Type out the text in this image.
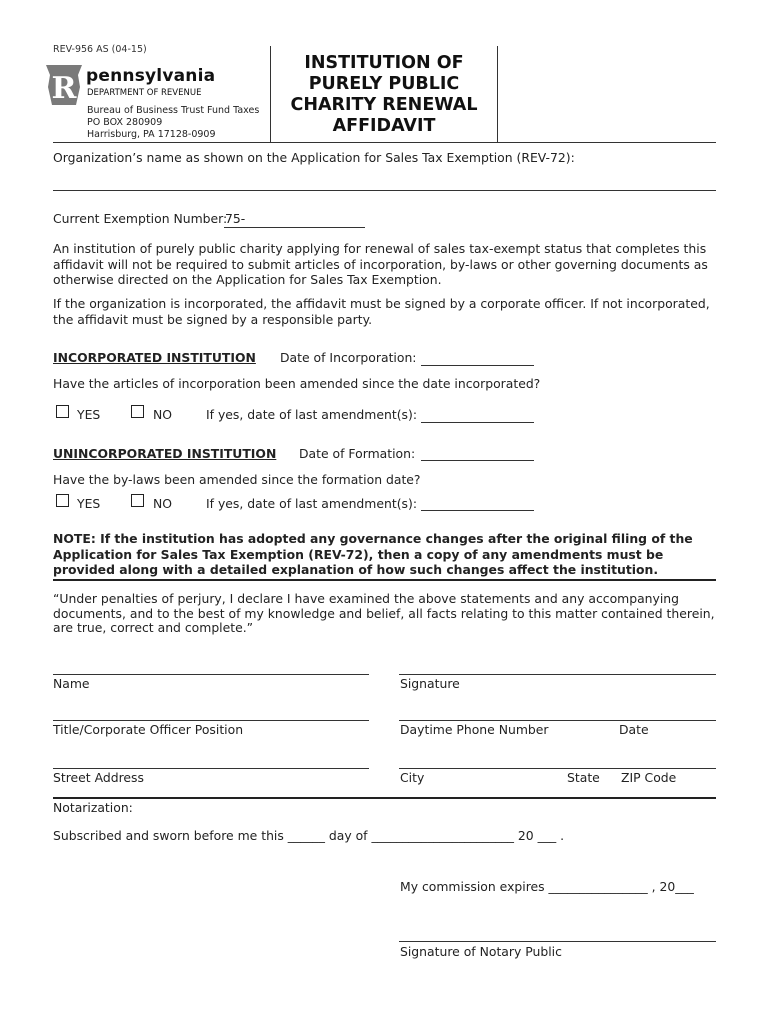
REV-956 AS (04-15)
R pennsylvania
DEPARTMENT OF REVENUE
Bureau of Business Trust Fund Taxes
PO BOX 280909
Harrisburg, PA 17128-0909
INSTITUTION OF
PURELY PUBLIC
CHARITY RENEWAL
AFFIDAVIT
Organization’s name as shown on the Application for Sales Tax Exemption (REV-72):
Current Exemption Number:
75-
An institution of purely public charity applying for renewal of sales tax-exempt status that completes this affidavit will not be required to submit articles of incorporation, by-laws or other governing documents as otherwise directed on the Application for Sales Tax Exemption.
If the organization is incorporated, the affidavit must be signed by a corporate officer. If not incorporated, the affidavit must be signed by a responsible party.
INCORPORATED INSTITUTION Date of Incorporation:
Have the articles of incorporation been amended since the date incorporated?
YES	NO	If yes, date of last amendment(s):
UNINCORPORATED INSTITUTION Date of Formation:
Have the by-laws been amended since the formation date?
YES	NO	If yes, date of last amendment(s):
NOTE: If the institution has adopted any governance changes after the original filing of the Application for Sales Tax Exemption (REV-72), then a copy of any amendments must be provided along with a detailed explanation of how such changes affect the institution.
“Under penalties of perjury, I declare I have examined the above statements and any accompanying documents, and to the best of my knowledge and belief, all facts relating to this matter contained therein, are true, correct and complete.”
Name	Signature
Title/Corporate Officer Position	Daytime Phone Number	Date
Street Address	City	State ZIP Code
Notarization:
Subscribed and sworn before me this ______ day of _______________________ 20 ___ .
My commission expires ________________ , 20___
Signature of Notary Public
